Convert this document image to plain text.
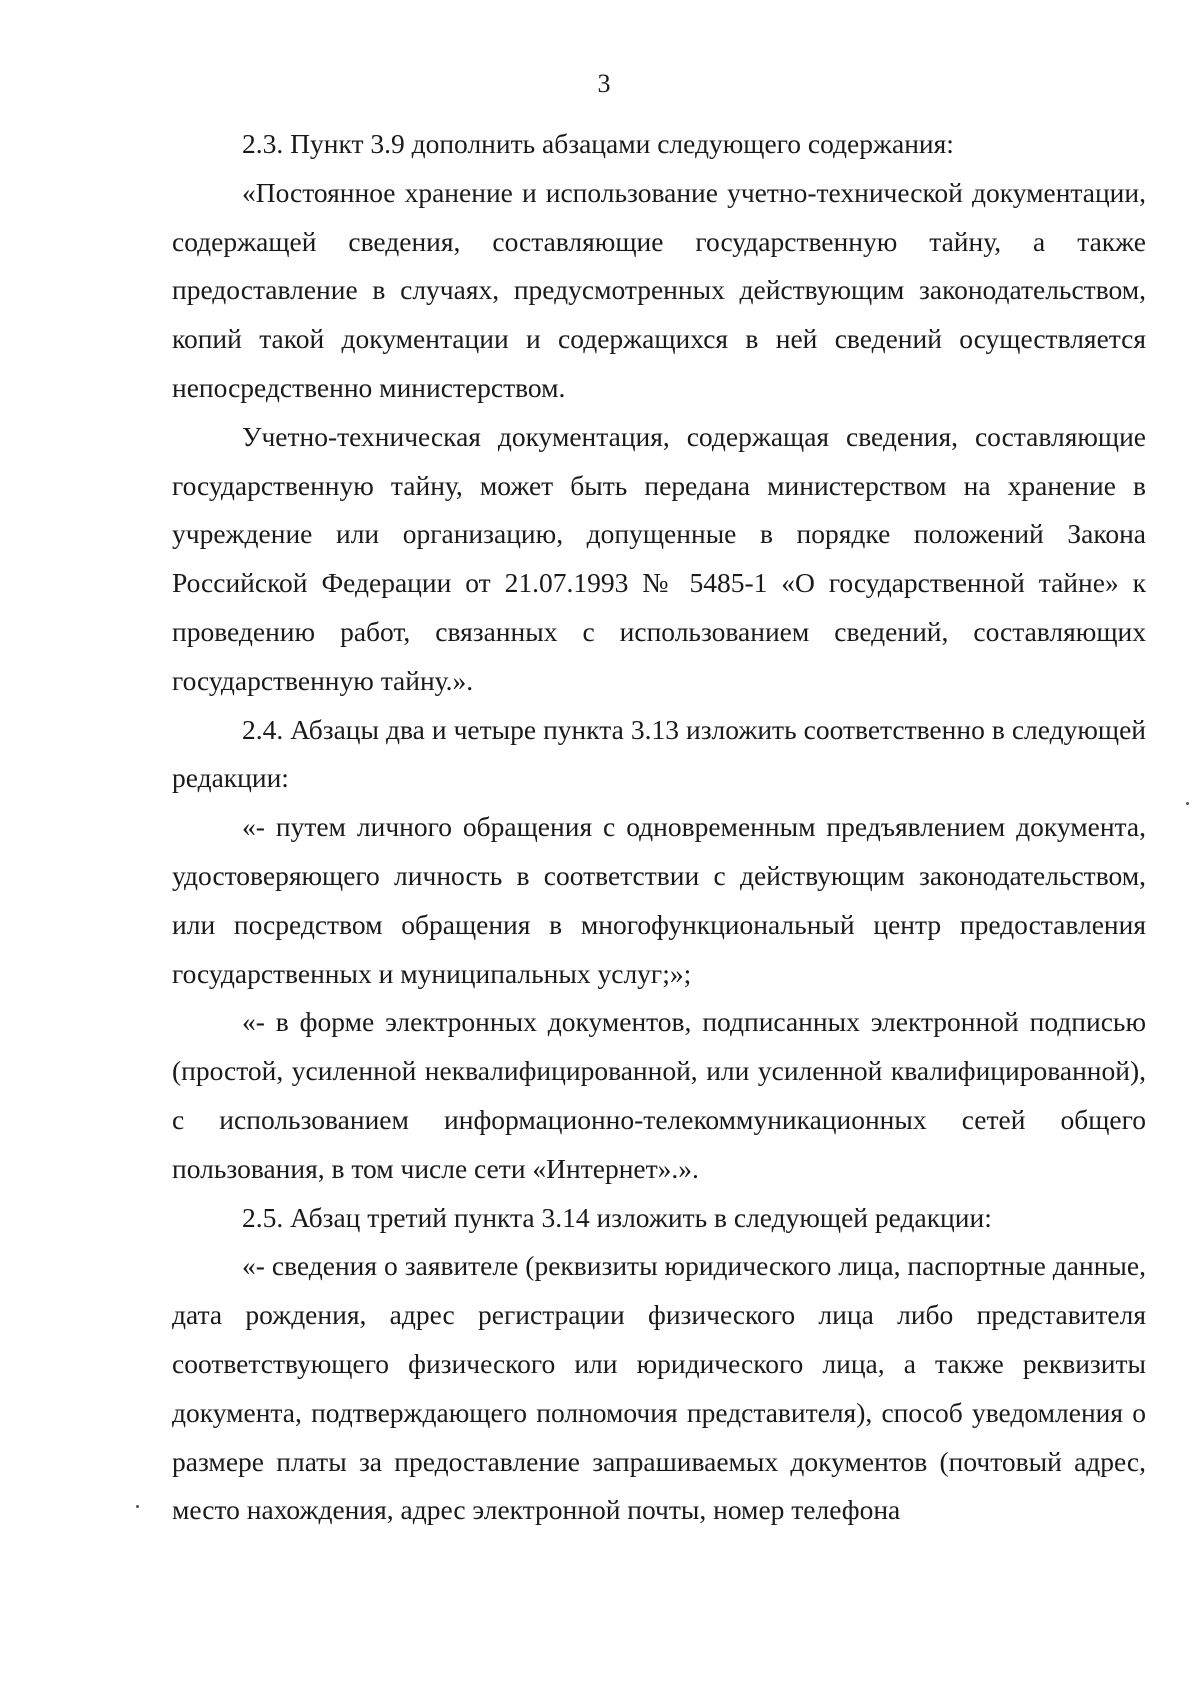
3

2.3. Пункт 3.9 дополнить абзацами следующего содержания:

«Постоянное хранение и использование учетно-технической документации, содержащей сведения, составляющие государственную тайну, а также предоставление в случаях, предусмотренных действующим законодательством, копий такой документации и содержащихся в ней сведений осуществляется непосредственно министерством.

Учетно-техническая документация, содержащая сведения, составляющие государственную тайну, может быть передана министерством на хранение в учреждение или организацию, допущенные в порядке положений Закона Российской Федерации от 21.07.1993 № 5485-1 «О государственной тайне» к проведению работ, связанных с использованием сведений, составляющих государственную тайну.».

2.4. Абзацы два и четыре пункта 3.13 изложить соответственно в следующей редакции:

«- путем личного обращения с одновременным предъявлением документа, удостоверяющего личность в соответствии с действующим законодательством, или посредством обращения в многофункциональный центр предоставления государственных и муниципальных услуг;»;

«- в форме электронных документов, подписанных электронной подписью (простой, усиленной неквалифицированной, или усиленной квалифицированной), с использованием информационно-телекоммуникационных сетей общего пользования, в том числе сети «Интернет».».

2.5. Абзац третий пункта 3.14 изложить в следующей редакции:

«- сведения о заявителе (реквизиты юридического лица, паспортные данные, дата рождения, адрес регистрации физического лица либо представителя соответствующего физического или юридического лица, а также реквизиты документа, подтверждающего полномочия представителя), способ уведомления о размере платы за предоставление запрашиваемых документов (почтовый адрес, место нахождения, адрес электронной почты, номер телефона
